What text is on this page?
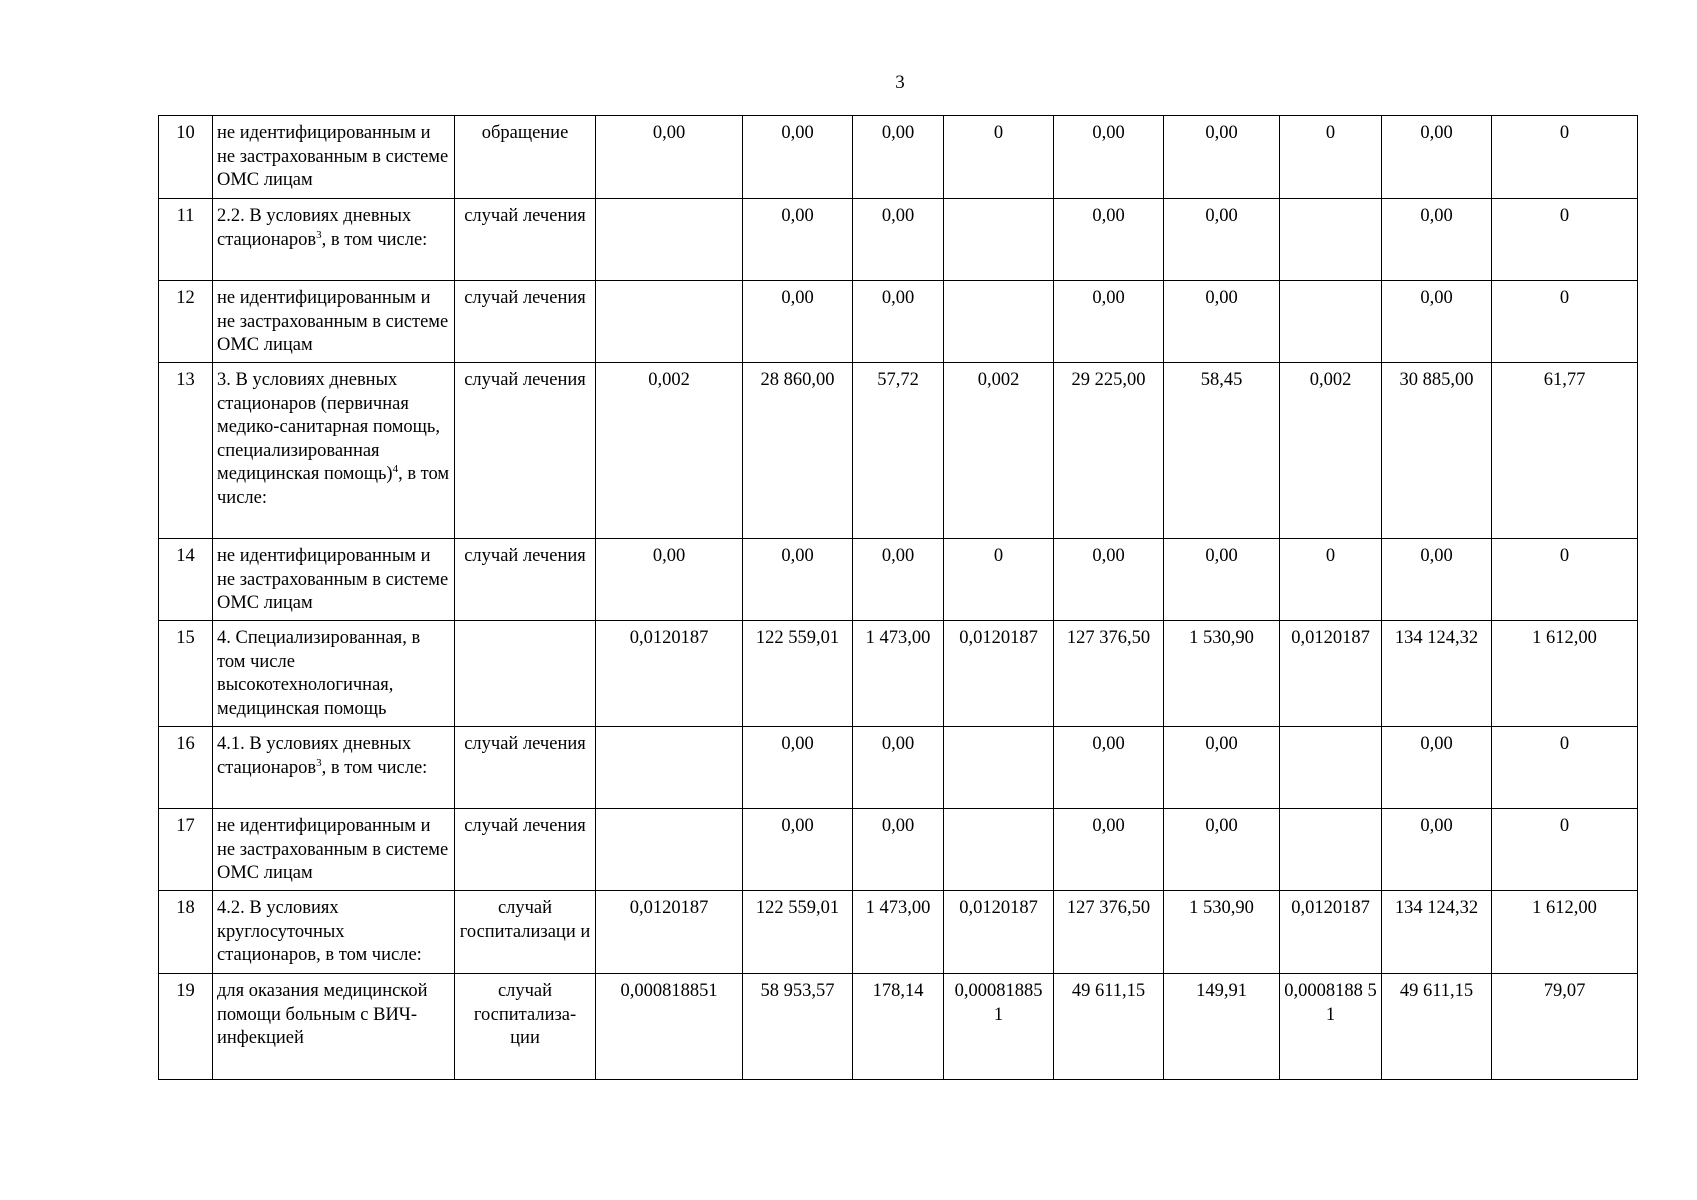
3
10	не идентифицированным и не застрахованным в системе ОМС лицам	обращение	0,00	0,00	0,00	0	0,00	0,00	0	0,00	0
11	2.2. В условиях дневных стационаров$^3$, в том числе:	случай лечения		0,00	0,00		0,00	0,00		0,00	0
12	не идентифицированным и не застрахованным в системе ОМС лицам	случай лечения		0,00	0,00		0,00	0,00		0,00	0
13	3. В условиях дневных стационаров (первичная медико-санитарная помощь, специализированная медицинская помощь)$^4$, в том числе:	случай лечения	0,002	28 860,00	57,72	0,002	29 225,00	58,45	0,002	30 885,00	61,77
14	не идентифицированным и не застрахованным в системе ОМС лицам	случай лечения	0,00	0,00	0,00	0	0,00	0,00	0	0,00	0
15	4. Специализированная, в том числе высокотехнологичная, медицинская помощь		0,0120187	122 559,01	1 473,00	0,0120187	127 376,50	1 530,90	0,0120187	134 124,32	1 612,00
16	4.1. В условиях дневных стационаров$^3$, в том числе:	случай лечения		0,00	0,00		0,00	0,00		0,00	0
17	не идентифицированным и не застрахованным в системе ОМС лицам	случай лечения		0,00	0,00		0,00	0,00		0,00	0
18	4.2. В условиях круглосуточных стационаров, в том числе:	случай госпитализаци и	0,0120187	122 559,01	1 473,00	0,0120187	127 376,50	1 530,90	0,0120187	134 124,32	1 612,00
19	для оказания медицинской помощи больным с ВИЧ-инфекцией	случай госпитализа-ции	0,000818851	58 953,57	178,14	0,00081885 1	49 611,15	149,91	0,0008188 51	49 611,15	79,07
